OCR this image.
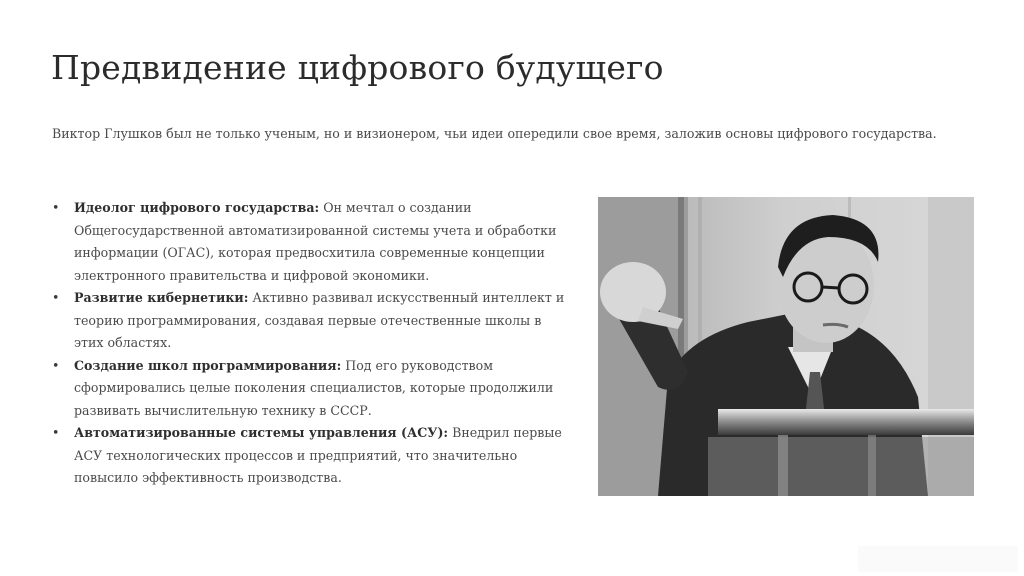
Предвидение цифрового будущего

Виктор Глушков был не только ученым, но и визионером, чьи идеи опередили свое время, заложив основы цифрового государства.

• Идеолог цифрового государства: Он мечтал о создании Общегосударственной автоматизированной системы учета и обработки информации (ОГАС), которая предвосхитила современные концепции электронного правительства и цифровой экономики.
• Развитие кибернетики: Активно развивал искусственный интеллект и теорию программирования, создавая первые отечественные школы в этих областях.
• Создание школ программирования: Под его руководством сформировались целые поколения специалистов, которые продолжили развивать вычислительную технику в СССР.
• Автоматизированные системы управления (АСУ): Внедрил первые АСУ технологических процессов и предприятий, что значительно повысило эффективность производства.
